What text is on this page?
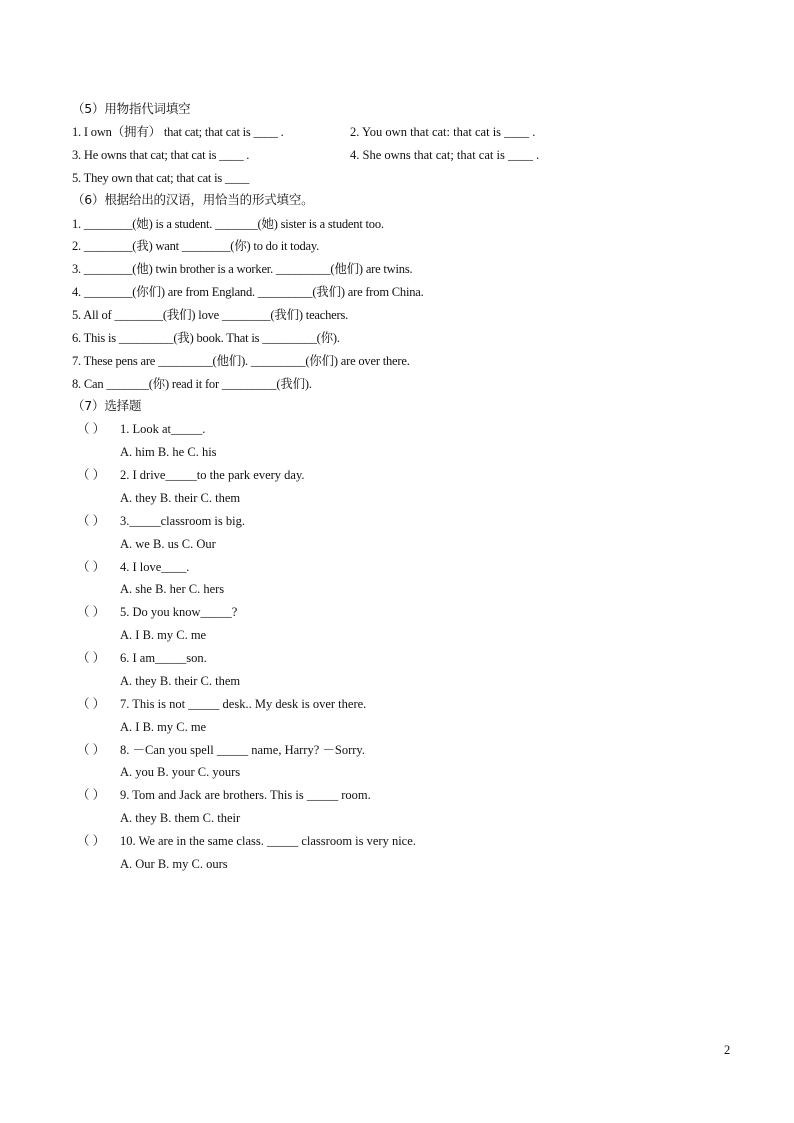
（5）用物指代词填空
1. I own（拥有） that cat; that cat is ____ .	2. You own that cat: that cat is ____ .
3. He owns that cat; that cat is ____ .	4. She owns that cat; that cat is ____ .
5. They own that cat; that cat is ____
（6）根据给出的汉语，用恰当的形式填空。
1. ________(她) is a student. _______(她) sister is a student too.
2. ________(我) want ________(你) to do it today.
3. ________(他) twin brother is a worker. _________(他们) are twins.
4. ________(你们) are from England. _________(我们) are from China.
5. All of ________(我们) love ________(我们) teachers.
6. This is _________(我) book. That is _________(你).
7. These pens are _________(他们). _________(你们) are over there.
8. Can _______(你) read it for _________(我们).
（7）选择题
（ ） 1. Look at_____.
A. him B. he C. his
（ ） 2. I drive_____to the park every day.
A. they B. their C. them
（ ） 3._____classroom is big.
A. we B. us C. Our
（ ） 4. I love____.
A. she B. her C. hers
（ ） 5. Do you know_____?
A. I B. my C. me
（ ） 6. I am_____son.
A. they B. their C. them
（ ） 7. This is not _____ desk.. My desk is over there.
A. I B. my C. me
（ ） 8. －Can you spell _____ name, Harry? －Sorry.
A. you B. your C. yours
（ ） 9. Tom and Jack are brothers. This is _____ room.
A. they B. them C. their
（ ） 10. We are in the same class. _____ classroom is very nice.
A. Our B. my C. ours
2
